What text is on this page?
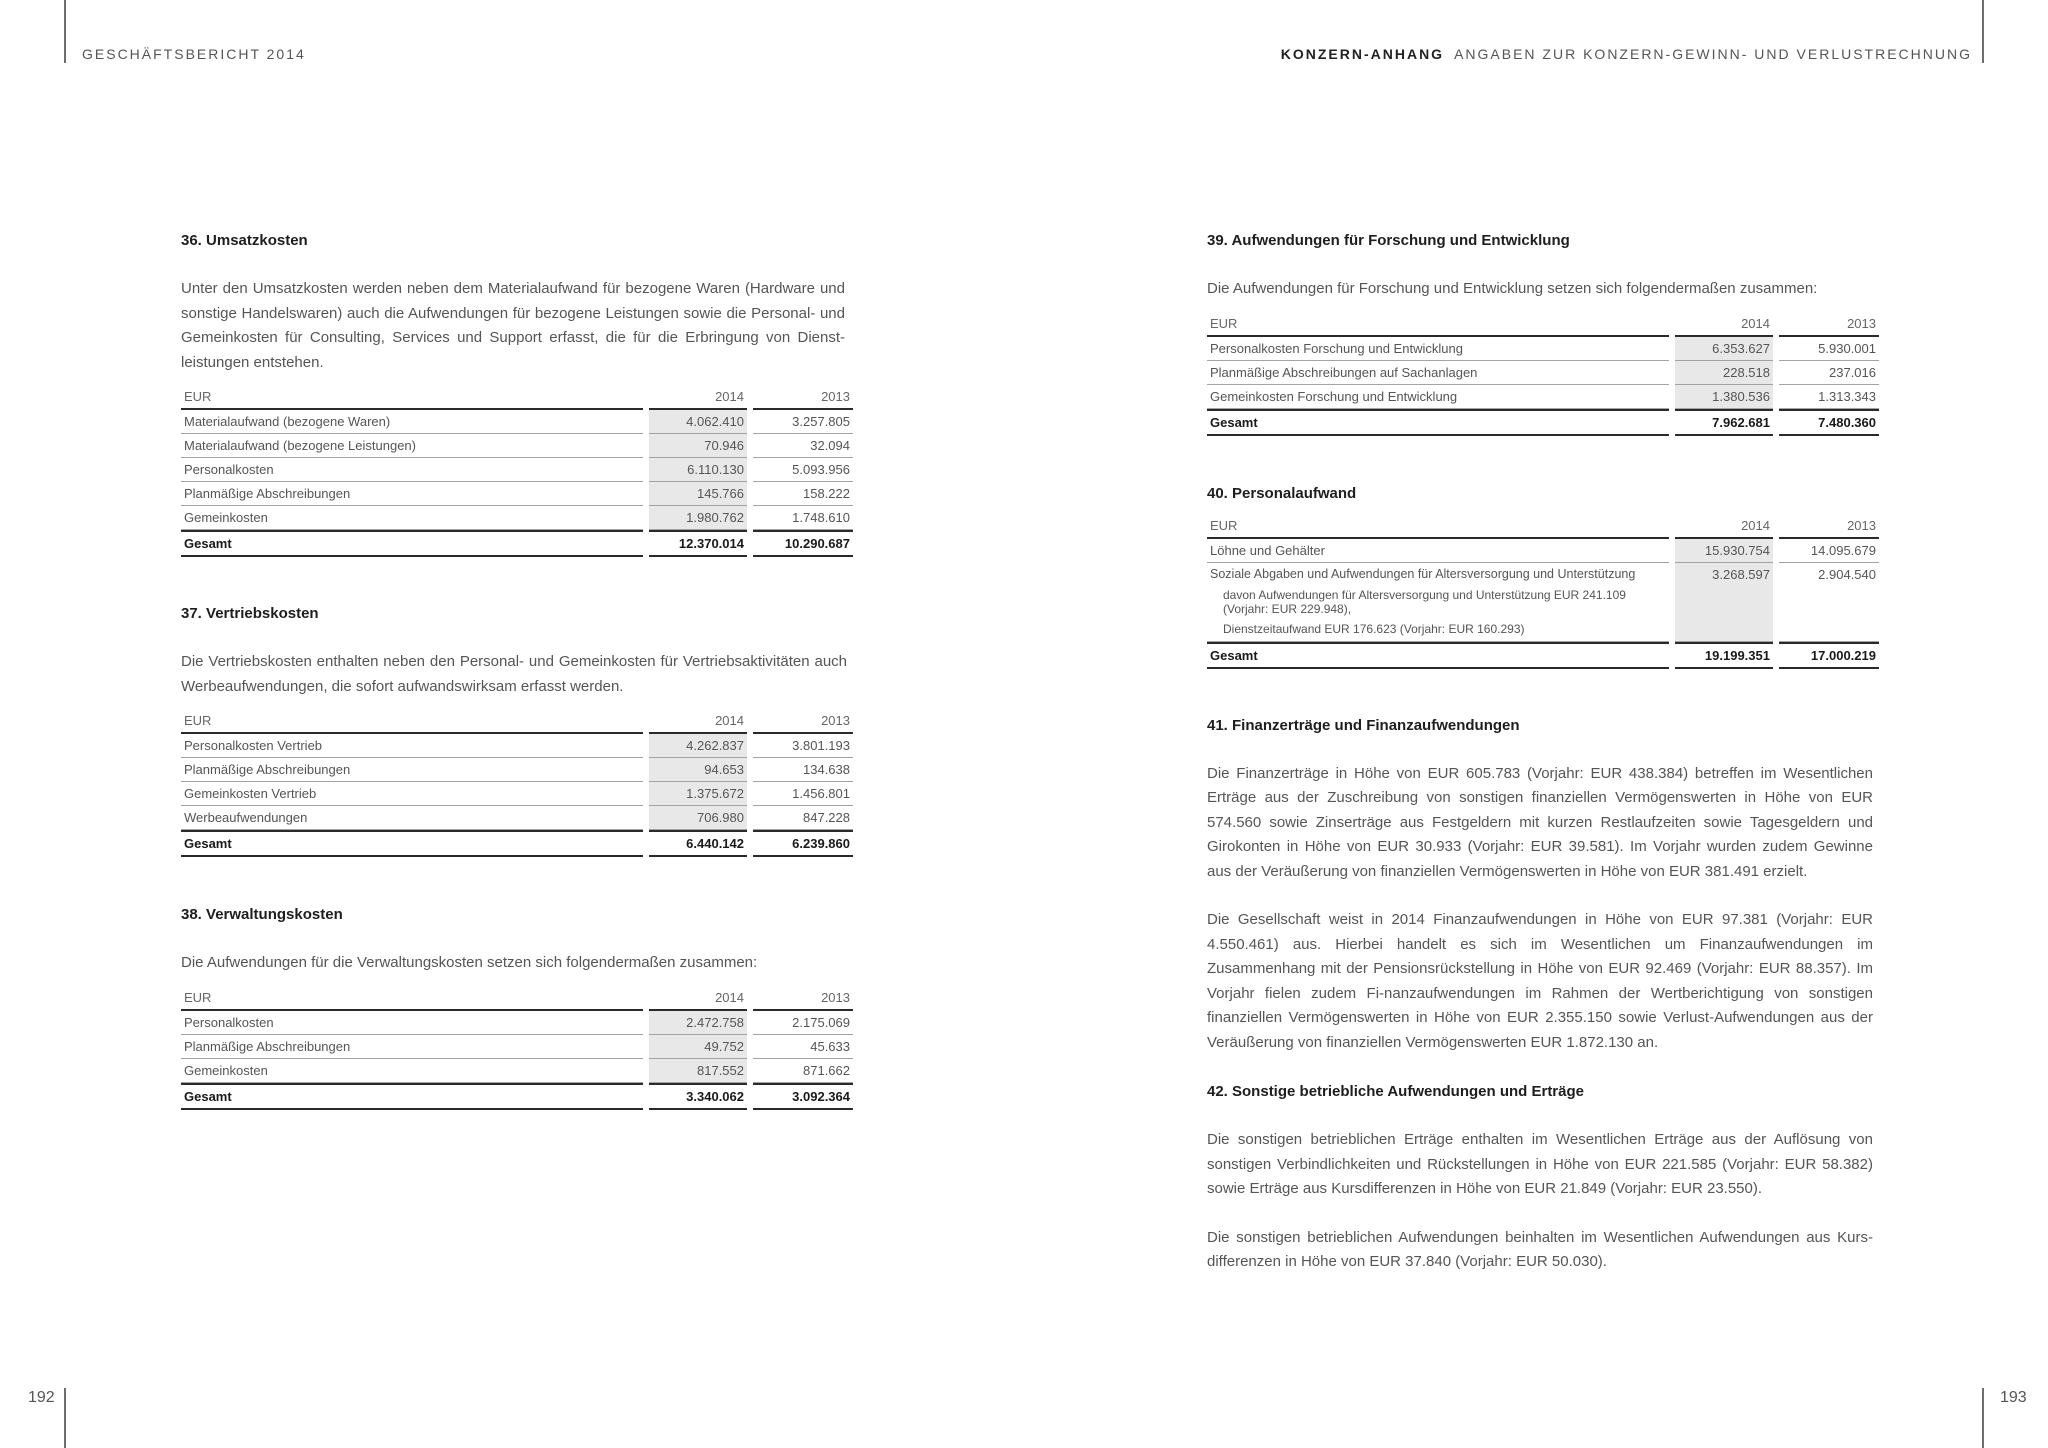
GESCHÄFTSBERICHT 2014	KONZERN-ANHANG ANGABEN ZUR KONZERN-GEWINN- UND VERLUSTRECHNUNG
192	193
36. Umsatzkosten

Unter den Umsatzkosten werden neben dem Materialaufwand für bezogene Waren (Hardware und sonstige Handelswaren) auch die Aufwendungen für bezogene Leistungen sowie die Personal- und Gemeinkosten für Consulting, Services und Support erfasst, die für die Erbringung von Dienst-leistungen entstehen.

EUR		2014		2013
Materialaufwand (bezogene Waren)		4.062.410		3.257.805
Materialaufwand (bezogene Leistungen)		70.946		32.094
Personalkosten		6.110.130		5.093.956
Planmäßige Abschreibungen		145.766		158.222
Gemeinkosten		1.980.762		1.748.610
Gesamt		12.370.014		10.290.687
37. Vertriebskosten

Die Vertriebskosten enthalten neben den Personal- und Gemeinkosten für Vertriebsaktivitäten auch Werbeaufwendungen, die sofort aufwandswirksam erfasst werden.

EUR		2014		2013
Personalkosten Vertrieb		4.262.837		3.801.193
Planmäßige Abschreibungen		94.653		134.638
Gemeinkosten Vertrieb		1.375.672		1.456.801
Werbeaufwendungen		706.980		847.228
Gesamt		6.440.142		6.239.860
38. Verwaltungskosten

Die Aufwendungen für die Verwaltungskosten setzen sich folgendermaßen zusammen:

EUR		2014		2013
Personalkosten		2.472.758		2.175.069
Planmäßige Abschreibungen		49.752		45.633
Gemeinkosten		817.552		871.662
Gesamt		3.340.062		3.092.364
39. Aufwendungen für Forschung und Entwicklung

Die Aufwendungen für Forschung und Entwicklung setzen sich folgendermaßen zusammen:

EUR		2014		2013
Personalkosten Forschung und Entwicklung		6.353.627		5.930.001
Planmäßige Abschreibungen auf Sachanlagen		228.518		237.016
Gemeinkosten Forschung und Entwicklung		1.380.536		1.313.343
Gesamt		7.962.681		7.480.360
40. Personalaufwand
EUR		2014		2013
Löhne und Gehälter		15.930.754		14.095.679
Soziale Abgaben und Aufwendungen für Altersversorgung und Unterstützung		3.268.597		2.904.540
davon Aufwendungen für Altersversorgung und Unterstützung EUR 241.109 (Vorjahr: EUR 229.948),				
Dienstzeitaufwand EUR 176.623 (Vorjahr: EUR 160.293)				
Gesamt		19.199.351		17.000.219
41. Finanzerträge und Finanzaufwendungen

Die Finanzerträge in Höhe von EUR 605.783 (Vorjahr: EUR 438.384) betreffen im Wesentlichen Erträge aus der Zuschreibung von sonstigen finanziellen Vermögenswerten in Höhe von EUR 574.560 sowie Zinserträge aus Festgeldern mit kurzen Restlaufzeiten sowie Tagesgeldern und Girokonten in Höhe von EUR 30.933 (Vorjahr: EUR 39.581). Im Vorjahr wurden zudem Gewinne aus der Veräußerung von finanziellen Vermögenswerten in Höhe von EUR 381.491 erzielt.

Die Gesellschaft weist in 2014 Finanzaufwendungen in Höhe von EUR 97.381 (Vorjahr: EUR 4.550.461) aus. Hierbei handelt es sich im Wesentlichen um Finanzaufwendungen im Zusammenhang mit der Pensionsrückstellung in Höhe von EUR 92.469 (Vorjahr: EUR 88.357). Im Vorjahr fielen zudem Fi-nanzaufwendungen im Rahmen der Wertberichtigung von sonstigen finanziellen Vermögenswerten in Höhe von EUR 2.355.150 sowie Verlust-Aufwendungen aus der Veräußerung von finanziellen Vermögenswerten EUR 1.872.130 an.

42. Sonstige betriebliche Aufwendungen und Erträge

Die sonstigen betrieblichen Erträge enthalten im Wesentlichen Erträge aus der Auflösung von sonstigen Verbindlichkeiten und Rückstellungen in Höhe von EUR 221.585 (Vorjahr: EUR 58.382) sowie Erträge aus Kursdifferenzen in Höhe von EUR 21.849 (Vorjahr: EUR 23.550).

Die sonstigen betrieblichen Aufwendungen beinhalten im Wesentlichen Aufwendungen aus Kurs-differenzen in Höhe von EUR 37.840 (Vorjahr: EUR 50.030).
